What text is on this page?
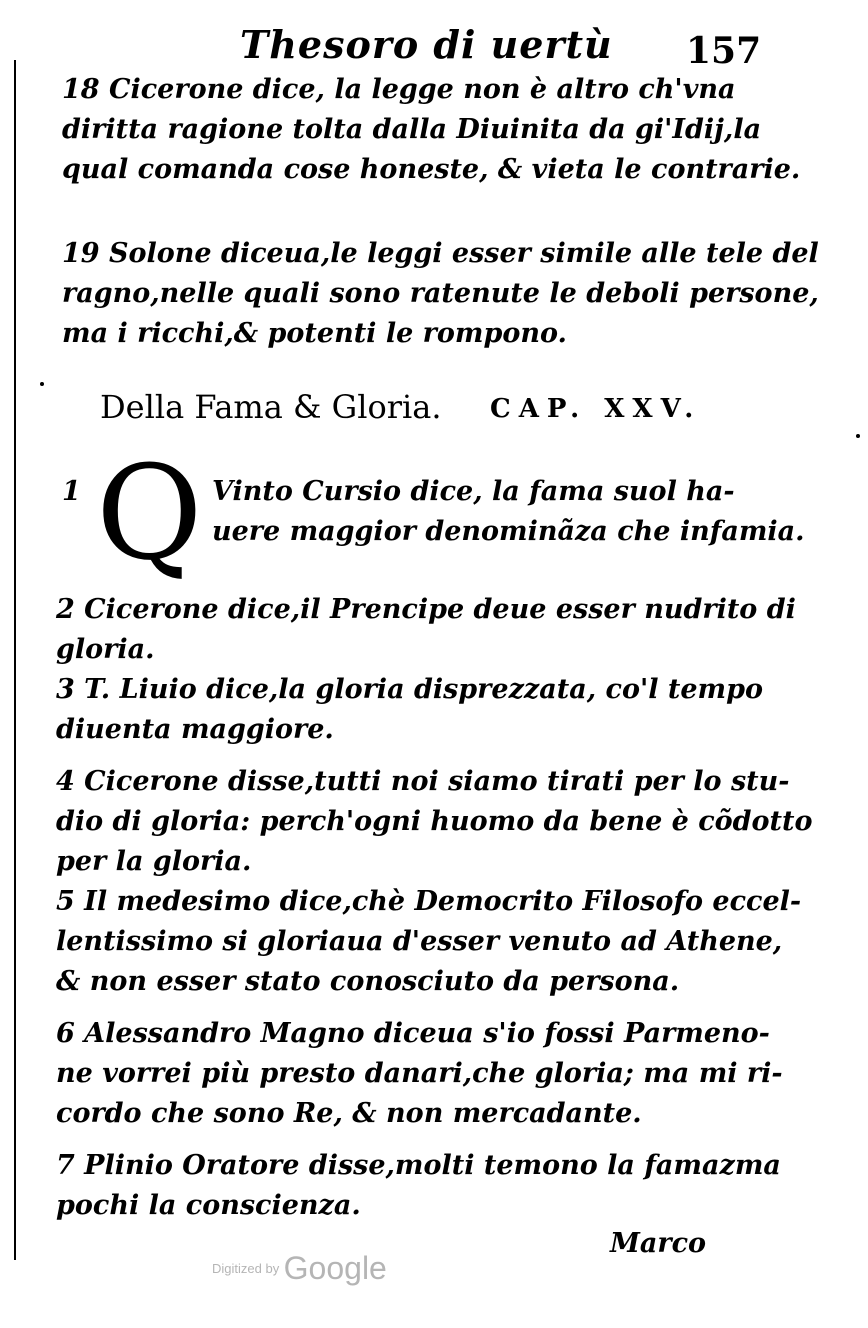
Thesoro di uertù 157
18 Cicerone dice, la legge non è altro ch'vna
diritta ragione tolta dalla Diuinita da gi'Idij,la
qual comanda cose honeste, & vieta le contrarie.
19 Solone diceua,le leggi esser simile alle tele del
ragno,nelle quali sono ratenute le deboli persone,
ma i ricchi,& potenti le rompono.
Della Fama & Gloria. CAP. XXV.
1 Q Vinto Cursio dice, la fama suol ha-
uere maggior denominãza che infamia.
2 Cicerone dice,il Prencipe deue esser nudrito di
gloria.
3 T. Liuio dice,la gloria disprezzata, co'l tempo
diuenta maggiore.
4 Cicerone disse,tutti noi siamo tirati per lo stu-
dio di gloria: perch'ogni huomo da bene è cõdotto
per la gloria.
5 Il medesimo dice,chè Democrito Filosofo eccel-
lentissimo si gloriaua d'esser venuto ad Athene,
& non esser stato conosciuto da persona.
6 Alessandro Magno diceua s'io fossi Parmeno-
ne vorrei più presto danari,che gloria; ma mi ri-
cordo che sono Re, & non mercadante.
7 Plinio Oratore disse,molti temono la famazma
pochi la conscienza.
Marco
Digitized by Google
